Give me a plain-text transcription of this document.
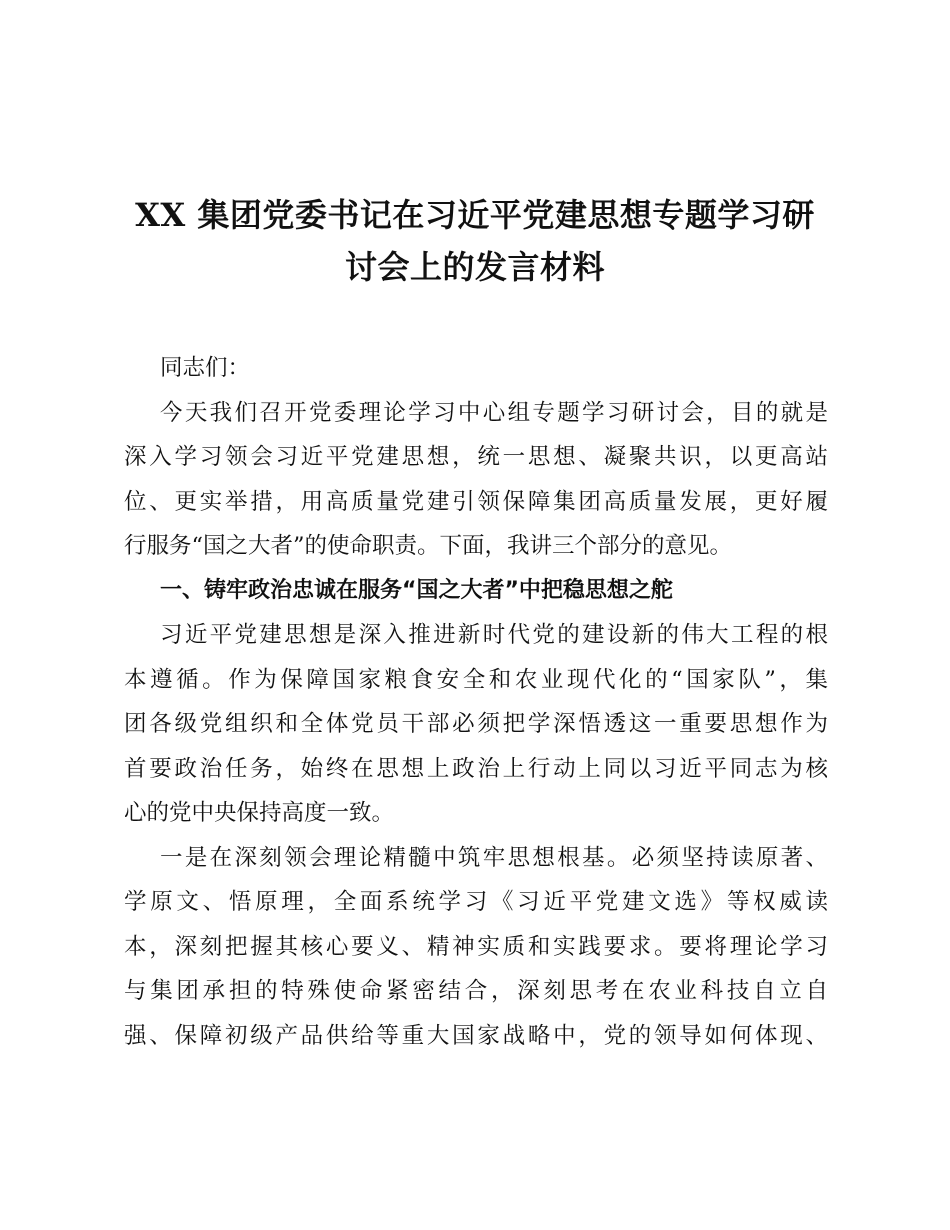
XX 集团党委书记在习近平党建思想专题学习研
讨会上的发言材料

同志们：

今天我们召开党委理论学习中心组专题学习研讨会，目的就是
深入学习领会习近平党建思想，统一思想、凝聚共识，以更高站
位、更实举措，用高质量党建引领保障集团高质量发展，更好履
行服务“国之大者”的使命职责。下面，我讲三个部分的意见。

一、铸牢政治忠诚在服务“国之大者”中把稳思想之舵

习近平党建思想是深入推进新时代党的建设新的伟大工程的根
本遵循。作为保障国家粮食安全和农业现代化的“国家队”，集
团各级党组织和全体党员干部必须把学深悟透这一重要思想作为
首要政治任务，始终在思想上政治上行动上同以习近平同志为核
心的党中央保持高度一致。

一是在深刻领会理论精髓中筑牢思想根基。必须坚持读原著、
学原文、悟原理，全面系统学习《习近平党建文选》等权威读
本，深刻把握其核心要义、精神实质和实践要求。要将理论学习
与集团承担的特殊使命紧密结合，深刻思考在农业科技自立自
强、保障初级产品供给等重大国家战略中，党的领导如何体现、
